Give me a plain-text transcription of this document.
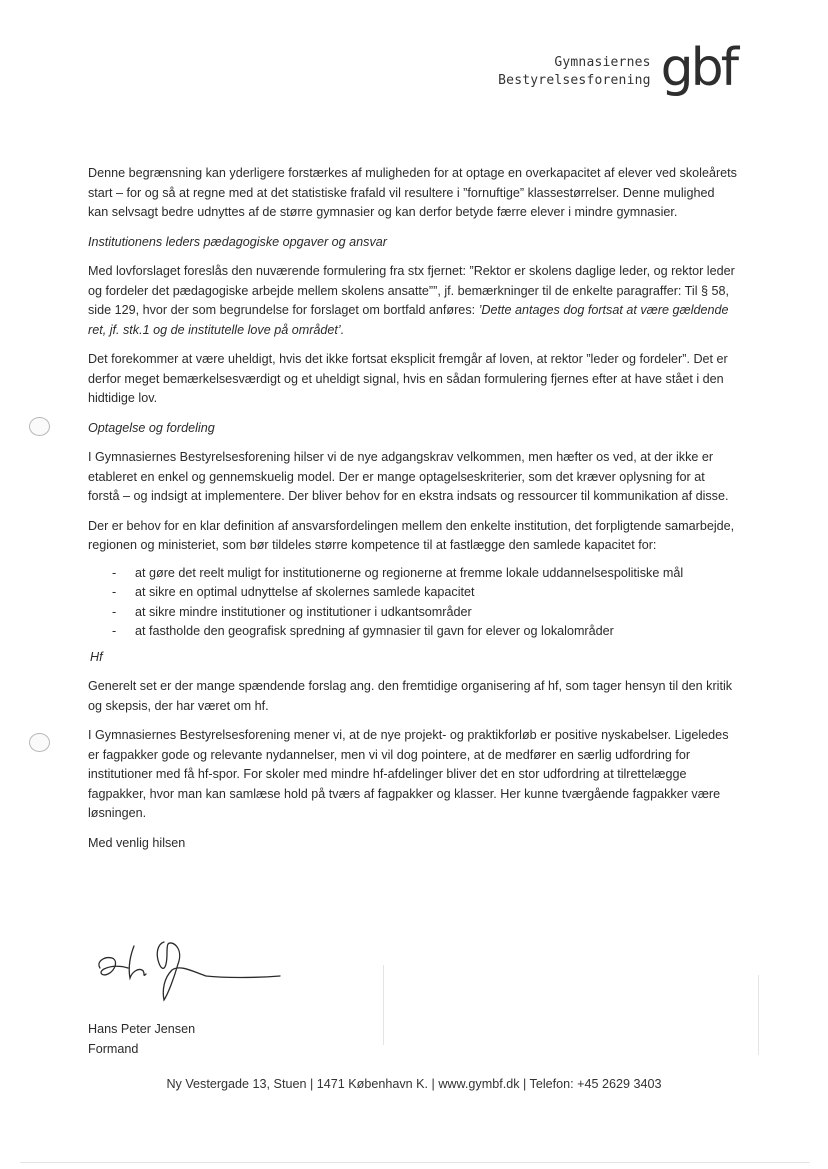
Gymnasiernes
Bestyrelsesforening gbf

Denne begrænsning kan yderligere forstærkes af muligheden for at optage en overkapacitet af elever ved skoleårets start – for og så at regne med at det statistiske frafald vil resultere i ”fornuftige” klassestørrelser. Denne mulighed kan selvsagt bedre udnyttes af de større gymnasier og kan derfor betyde færre elever i mindre gymnasier.

Institutionens leders pædagogiske opgaver og ansvar

Med lovforslaget foreslås den nuværende formulering fra stx fjernet: ”Rektor er skolens daglige leder, og rektor leder og fordeler det pædagogiske arbejde mellem skolens ansatte””, jf. bemærkninger til de enkelte paragraffer: Til § 58, side 129, hvor der som begrundelse for forslaget om bortfald anføres: ’Dette antages dog fortsat at være gældende ret, jf. stk.1 og de institutelle love på området’.

Det forekommer at være uheldigt, hvis det ikke fortsat eksplicit fremgår af loven, at rektor ”leder og fordeler”. Det er derfor meget bemærkelsesværdigt og et uheldigt signal, hvis en sådan formulering fjernes efter at have stået i den hidtidige lov.

Optagelse og fordeling

I Gymnasiernes Bestyrelsesforening hilser vi de nye adgangskrav velkommen, men hæfter os ved, at der ikke er etableret en enkel og gennemskuelig model. Der er mange optagelseskriterier, som det kræver oplysning for at forstå – og indsigt at implementere. Der bliver behov for en ekstra indsats og ressourcer til kommunikation af disse.

Der er behov for en klar definition af ansvarsfordelingen mellem den enkelte institution, det forpligtende samarbejde, regionen og ministeriet, som bør tildeles større kompetence til at fastlægge den samlede kapacitet for:

- at gøre det reelt muligt for institutionerne og regionerne at fremme lokale uddannelsespolitiske mål
- at sikre en optimal udnyttelse af skolernes samlede kapacitet
- at sikre mindre institutioner og institutioner i udkantsområder
- at fastholde den geografisk spredning af gymnasier til gavn for elever og lokalområder

Hf

Generelt set er der mange spændende forslag ang. den fremtidige organisering af hf, som tager hensyn til den kritik og skepsis, der har været om hf.

I Gymnasiernes Bestyrelsesforening mener vi, at de nye projekt- og praktikforløb er positive nyskabelser. Ligeledes er fagpakker gode og relevante nydannelser, men vi vil dog pointere, at de medfører en særlig udfordring for institutioner med få hf-spor. For skoler med mindre hf-afdelinger bliver det en stor udfordring at tilrettelægge fagpakker, hvor man kan samlæse hold på tværs af fagpakker og klasser. Her kunne tværgående fagpakker være løsningen.

Med venlig hilsen

Hans Peter Jensen
Formand
Ny Vestergade 13, Stuen | 1471 København K. | www.gymbf.dk | Telefon: +45 2629 3403
